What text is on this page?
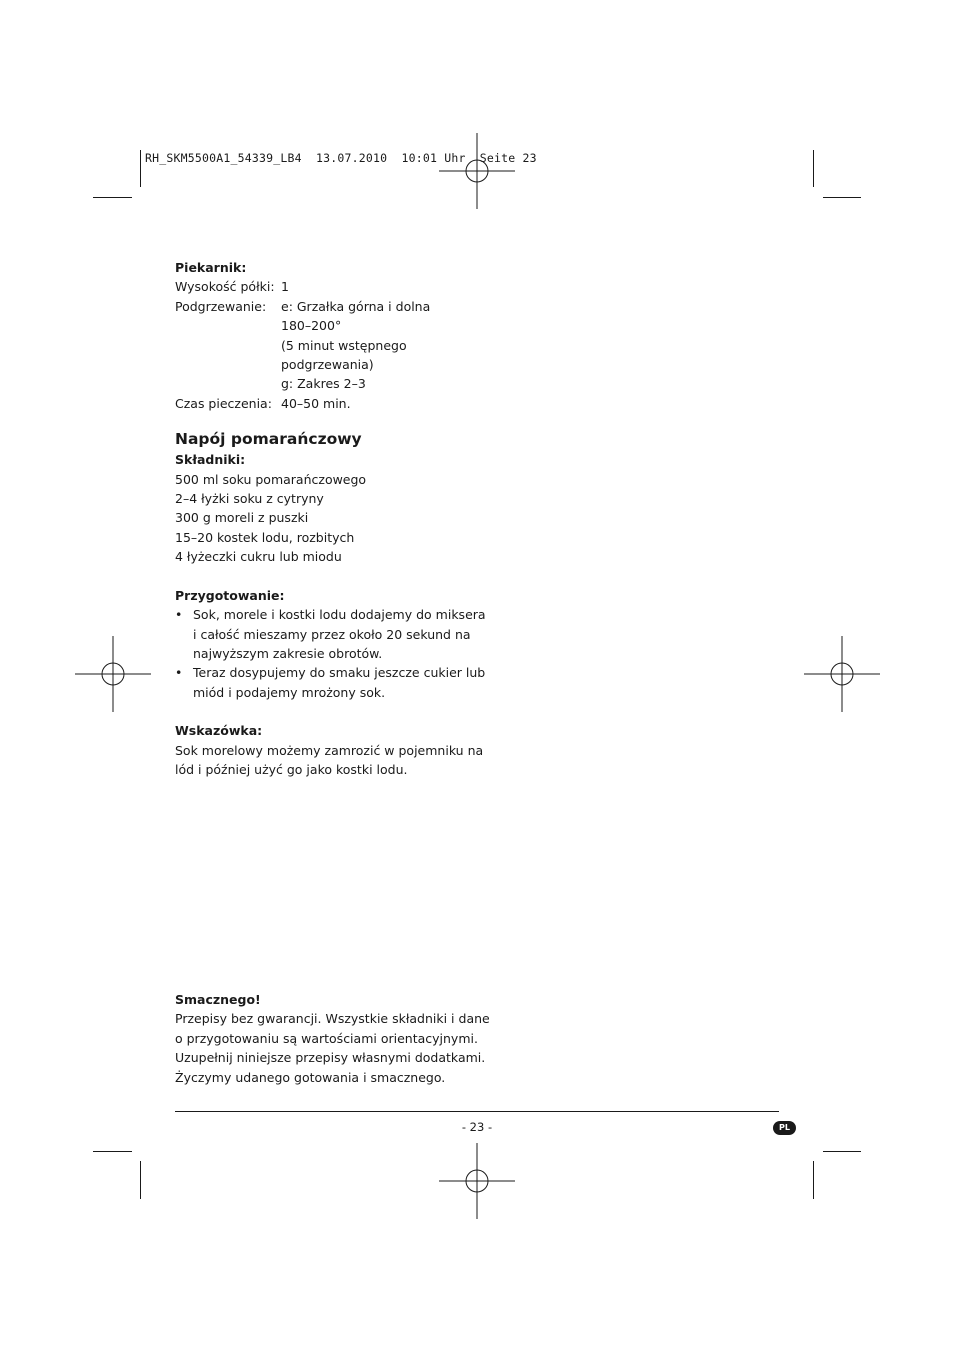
RH_SKM5500A1_54339_LB4  13.07.2010  10:01 Uhr  Seite 23
Piekarnik:
Wysokość półki: 1
Podgrzewanie:	e: Grzałka górna i dolna
180–200°
(5 minut wstępnego
podgrzewania)
g: Zakres 2–3
Czas pieczenia: 40–50 min.
Napój pomarańczowy
Składniki:
500 ml soku pomarańczowego
2–4 łyżki soku z cytryny
300 g moreli z puszki
15–20 kostek lodu, rozbitych
4 łyżeczki cukru lub miodu
Przygotowanie:
• Sok, morele i kostki lodu dodajemy do miksera
i całość mieszamy przez około 20 sekund na
najwyższym zakresie obrotów.
• Teraz dosypujemy do smaku jeszcze cukier lub
miód i podajemy mrożony sok.
Wskazówka:
Sok morelowy możemy zamrozić w pojemniku na
lód i później użyć go jako kostki lodu.
Smacznego!
Przepisy bez gwarancji. Wszystkie składniki i dane
o przygotowaniu są wartościami orientacyjnymi.
Uzupełnij niniejsze przepisy własnymi dodatkami.
Życzymy udanego gotowania i smacznego.
- 23 -	PL
